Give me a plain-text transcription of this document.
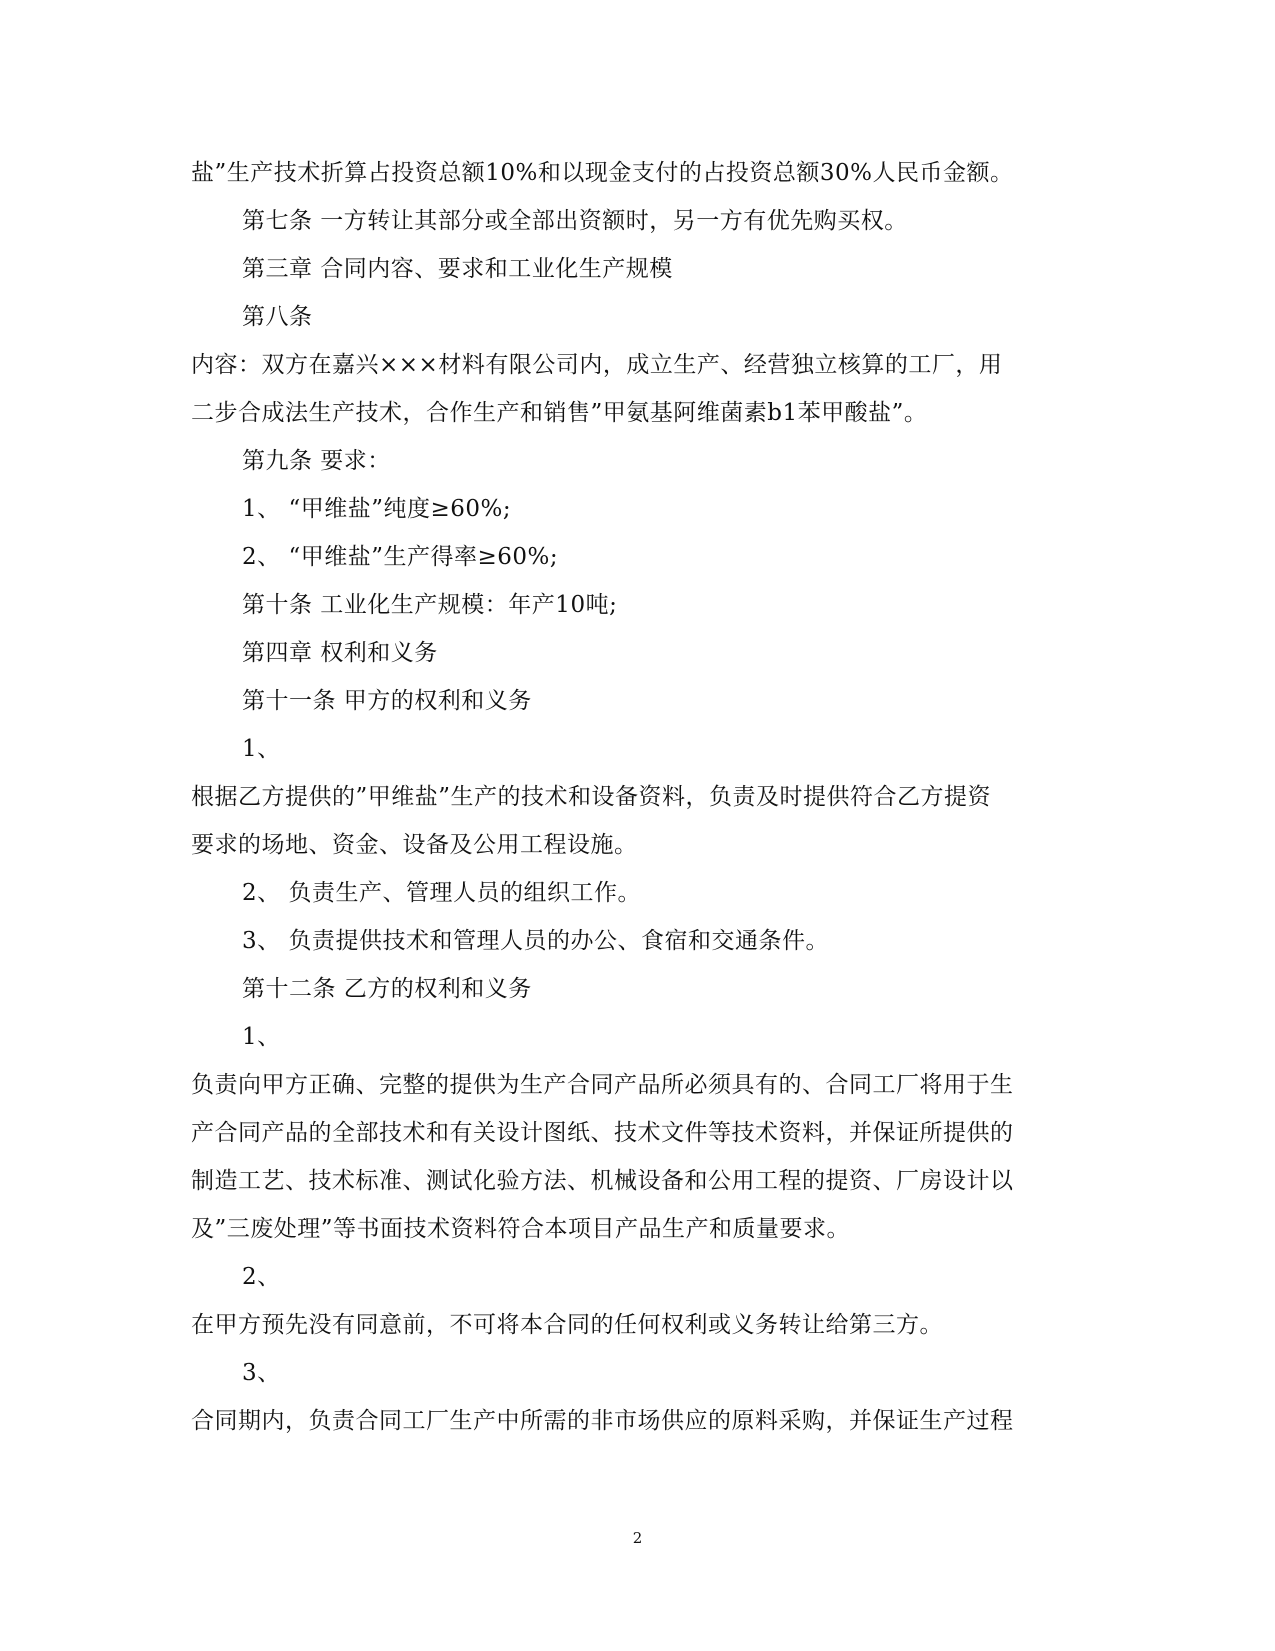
盐”生产技术折算占投资总额10%和以现金支付的占投资总额30%人民币金额。
第七条 一方转让其部分或全部出资额时，另一方有优先购买权。
第三章 合同内容、要求和工业化生产规模
第八条
内容：双方在嘉兴×××材料有限公司内，成立生产、经营独立核算的工厂，用
二步合成法生产技术，合作生产和销售”甲氨基阿维菌素b1苯甲酸盐”。
第九条 要求：
1、 “甲维盐”纯度≥60%;
2、 “甲维盐”生产得率≥60%;
第十条 工业化生产规模：年产10吨;
第四章 权利和义务
第十一条 甲方的权利和义务
1、
根据乙方提供的”甲维盐”生产的技术和设备资料，负责及时提供符合乙方提资
要求的场地、资金、设备及公用工程设施。
2、 负责生产、管理人员的组织工作。
3、 负责提供技术和管理人员的办公、食宿和交通条件。
第十二条 乙方的权利和义务
1、
负责向甲方正确、完整的提供为生产合同产品所必须具有的、合同工厂将用于生
产合同产品的全部技术和有关设计图纸、技术文件等技术资料，并保证所提供的
制造工艺、技术标准、测试化验方法、机械设备和公用工程的提资、厂房设计以
及”三废处理”等书面技术资料符合本项目产品生产和质量要求。
2、
在甲方预先没有同意前，不可将本合同的任何权利或义务转让给第三方。
3、
合同期内，负责合同工厂生产中所需的非市场供应的原料采购，并保证生产过程
2
